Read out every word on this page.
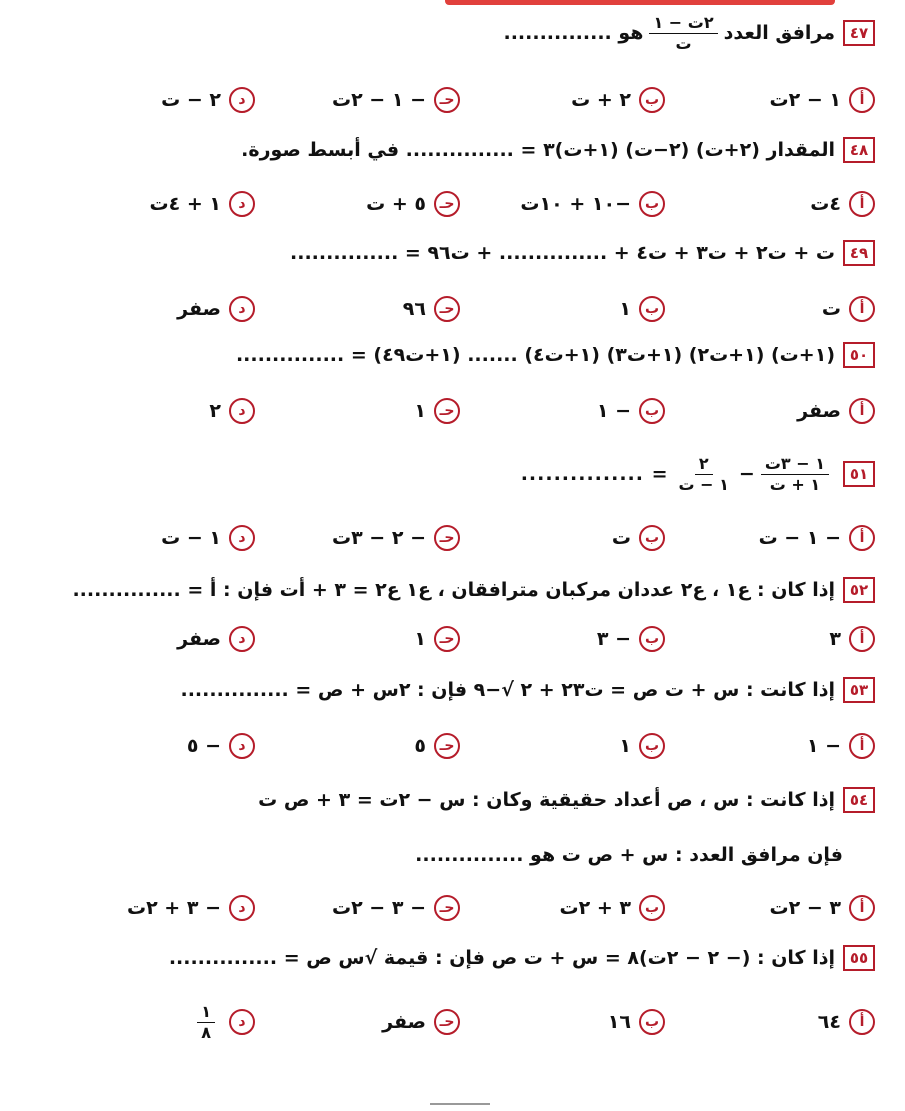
٤٧
مرافق العدد
$\frac{\text{٢ت − ١}}{\text{ت}}$
هو ...............
أ
١ − ٢ت
ب
٢ + ت
حـ
− ١ − ٢ت
د
٢ − ت
٤٨
المقدار (٢+ت) (٢−ت) (١+ت)٣ = ............... في أبسط صورة.
أ
٤ت
ب
−١٠ + ١٠ت
حـ
٥ + ت
د
١ + ٤ت
٤٩
ت + ت٢ + ت٣ + ت٤ + ............... + ت٩٦ = ...............
أ
ت
ب
١
حـ
٩٦
د
صفر
٥٠
(١+ت) (١+ت٢) (١+ت٣) (١+ت٤) ....... (١+ت٤٩) = ...............
أ
صفر
ب
− ١
حـ
١
د
٢
٥١
$\frac{\text{١ − ٣ت}}{\text{١ + ت}}$
−
$\frac{٢}{\text{١ − ت}}$
= ...............
أ
− ١ − ت
ب
ت
حـ
− ٢ − ٣ت
د
١ − ت
٥٢
إذا كان : ع١ ، ع٢ عددان مركبان مترافقان ، ع١ ع٢ = ٣ + أت فإن : أ = ...............
أ
٣
ب
− ٣
حـ
١
د
صفر
٥٣
إذا كانت : س + ت ص = ت٢٣ + ٢ √−٩ فإن : ٢س + ص = ...............
أ
− ١
ب
١
حـ
٥
د
− ٥
٥٤
إذا كانت : س ، ص أعداد حقيقية وكان : س − ٢ت = ٣ + ص ت
فإن مرافق العدد : س + ص ت هو ...............
أ
٣ − ٢ت
ب
٣ + ٢ت
حـ
− ٣ − ٢ت
د
− ٣ + ٢ت
٥٥
إذا كان : (− ٢ − ٢ت)٨ = س + ت ص فإن : قيمة √س ص = ...............
أ
٦٤
ب
١٦
حـ
صفر
د
$\frac{١}{٨}$
